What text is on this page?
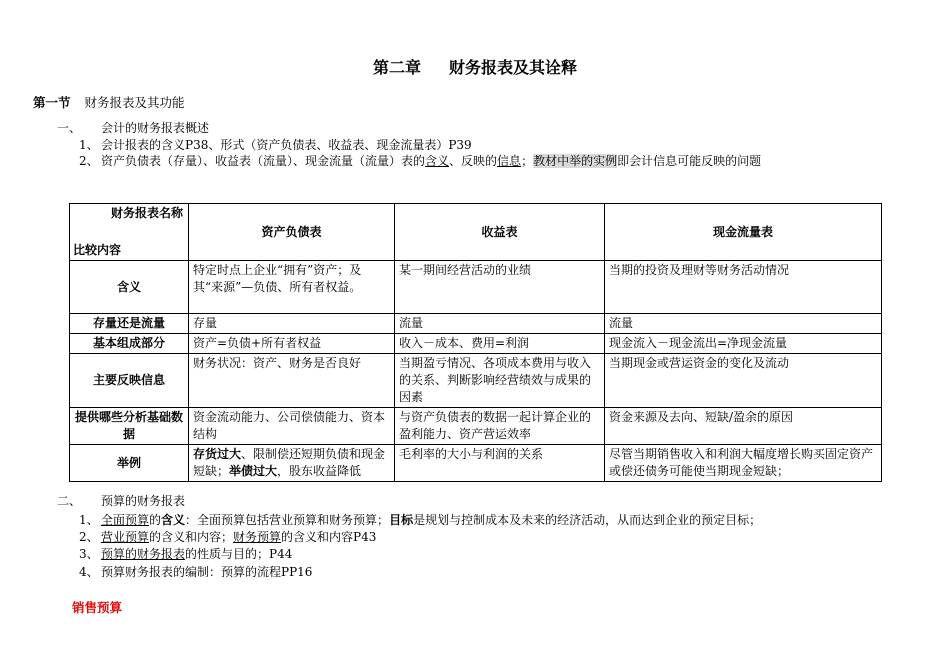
第二章 财务报表及其诠释
第一节 财务报表及其功能
一、 会计的财务报表概述
1、 会计报表的含义P38、形式（资产负债表、收益表、现金流量表）P39
2、 资产负债表（存量）、收益表（流量）、现金流量（流量）表的含义、反映的信息；教材中举的实例即会计信息可能反映的问题
财务报表名称
比较内容	资产负债表	收益表	现金流量表
含义	特定时点上企业“拥有”资产；及其“来源”—负债、所有者权益。	某一期间经营活动的业绩	当期的投资及理财等财务活动情况
存量还是流量	存量	流量	流量
基本组成部分	资产=负债+所有者权益	收入－成本、费用=利润	现金流入－现金流出=净现金流量
主要反映信息	财务状况：资产、财务是否良好	当期盈亏情况、各项成本费用与收入的关系、判断影响经营绩效与成果的因素	当期现金或营运资金的变化及流动
提供哪些分析基础数据	资金流动能力、公司偿债能力、资本结构	与资产负债表的数据一起计算企业的盈利能力、资产营运效率	资金来源及去向、短缺/盈余的原因
举例	存货过大、限制偿还短期负债和现金短缺；举债过大，股东收益降低	毛利率的大小与利润的关系	尽管当期销售收入和利润大幅度增长购买固定资产或偿还债务可能使当期现金短缺；
二、 预算的财务报表
1、 全面预算的含义：全面预算包括营业预算和财务预算；目标是规划与控制成本及未来的经济活动，从而达到企业的预定目标；
2、 营业预算的含义和内容；财务预算的含义和内容P43
3、 预算的财务报表的性质与目的；P44
4、 预算财务报表的编制：预算的流程PP16
销售预算
